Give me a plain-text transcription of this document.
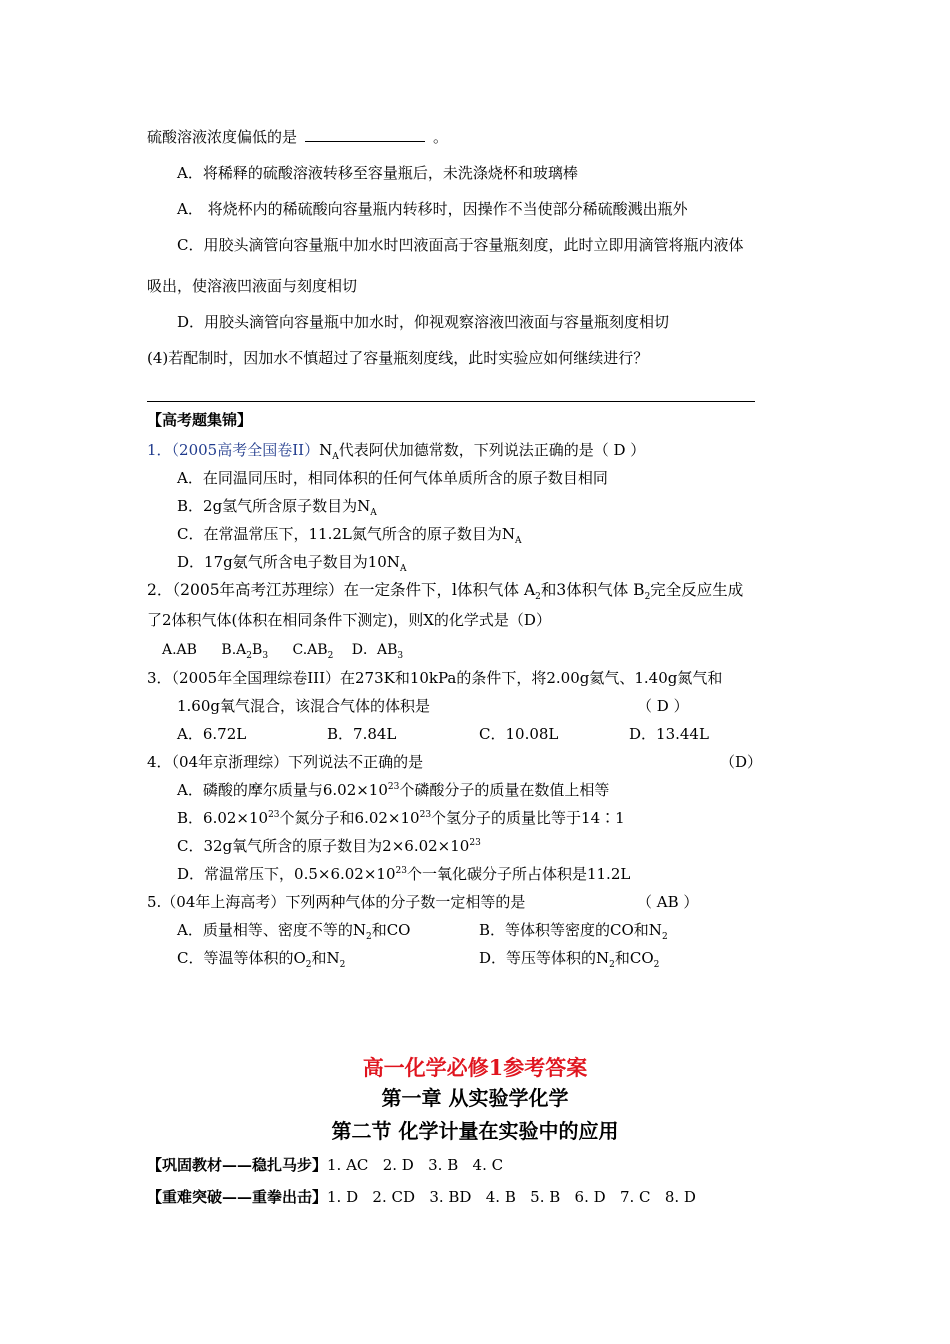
硫酸溶液浓度偏低的是	。
A．将稀释的硫酸溶液转移至容量瓶后，未洗涤烧杯和玻璃棒
A． 将烧杯内的稀硫酸向容量瓶内转移时，因操作不当使部分稀硫酸溅出瓶外
C．用胶头滴管向容量瓶中加水时凹液面高于容量瓶刻度，此时立即用滴管将瓶内液体
吸出，使溶液凹液面与刻度相切
D．用胶头滴管向容量瓶中加水时，仰视观察溶液凹液面与容量瓶刻度相切
(4)若配制时，因加水不慎超过了容量瓶刻度线，此时实验应如何继续进行？
【高考题集锦】
1．（2005高考全国卷$II)N_A$代表阿伏加德常数，下列说法正确的是（ D ）
A．在同温同压时，相同体积的任何气体单质所含的原子数目相同
B．2g氢气所含原子数目为$N_A$
C．在常温常压下，11.2L氮气所含的原子数目为$N_A$
D．17g氨气所含电子数目为$10N_A$
2．（2005年高考江苏理综）在一定条件下，l体积气体 $A_2$和3体积气体 $B_2$完全反应生成
了2体积气体(体积在相同条件下测定)，则X的化学式是（D）
A.AB $B.A_2B_3$ $C.AB_2$ D．$AB_3$
3．（2005年全国理综卷III）在273K和10kPa的条件下，将2.00g氦气、1.40g氮气和
1.60g氧气混合，该混合气体的体积是	（ D ）
A．6.72L	B．7.84L	C．10.08L	D．13.44L
4．（04年京浙理综）下列说法不正确的是	（D）
A．磷酸的摩尔质量与$6.02\times 10^{23}$个磷酸分子的质量在数值上相等
B．$6.02\times 10^{23}$个氮分子和$6.02\times 10^{23}$个氢分子的质量比等于14∶1
C．32g氧气所含的原子数目为$2\times 6.02\times 10^{23}$
D．常温常压下，$0.5\times 6.02\times 10^{23}$个一氧化碳分子所占体积是11.2L
5.（04年上海高考）下列两种气体的分子数一定相等的是	（ AB ）
A．质量相等、密度不等的$N_2$和CO	B．等体积等密度的CO和$N_2$
C．等温等体积的$O_2$和$N_2$	D．等压等体积的$N_2$和$CO_2$
高一化学必修1参考答案
第一章 从实验学化学
第二节 化学计量在实验中的应用
【巩固教材——稳扎马步】1. AC   2. D   3. B   4. C
【重难突破——重拳出击】1. D   2. CD   3. BD   4. B   5. B   6. D   7. C   8. D
